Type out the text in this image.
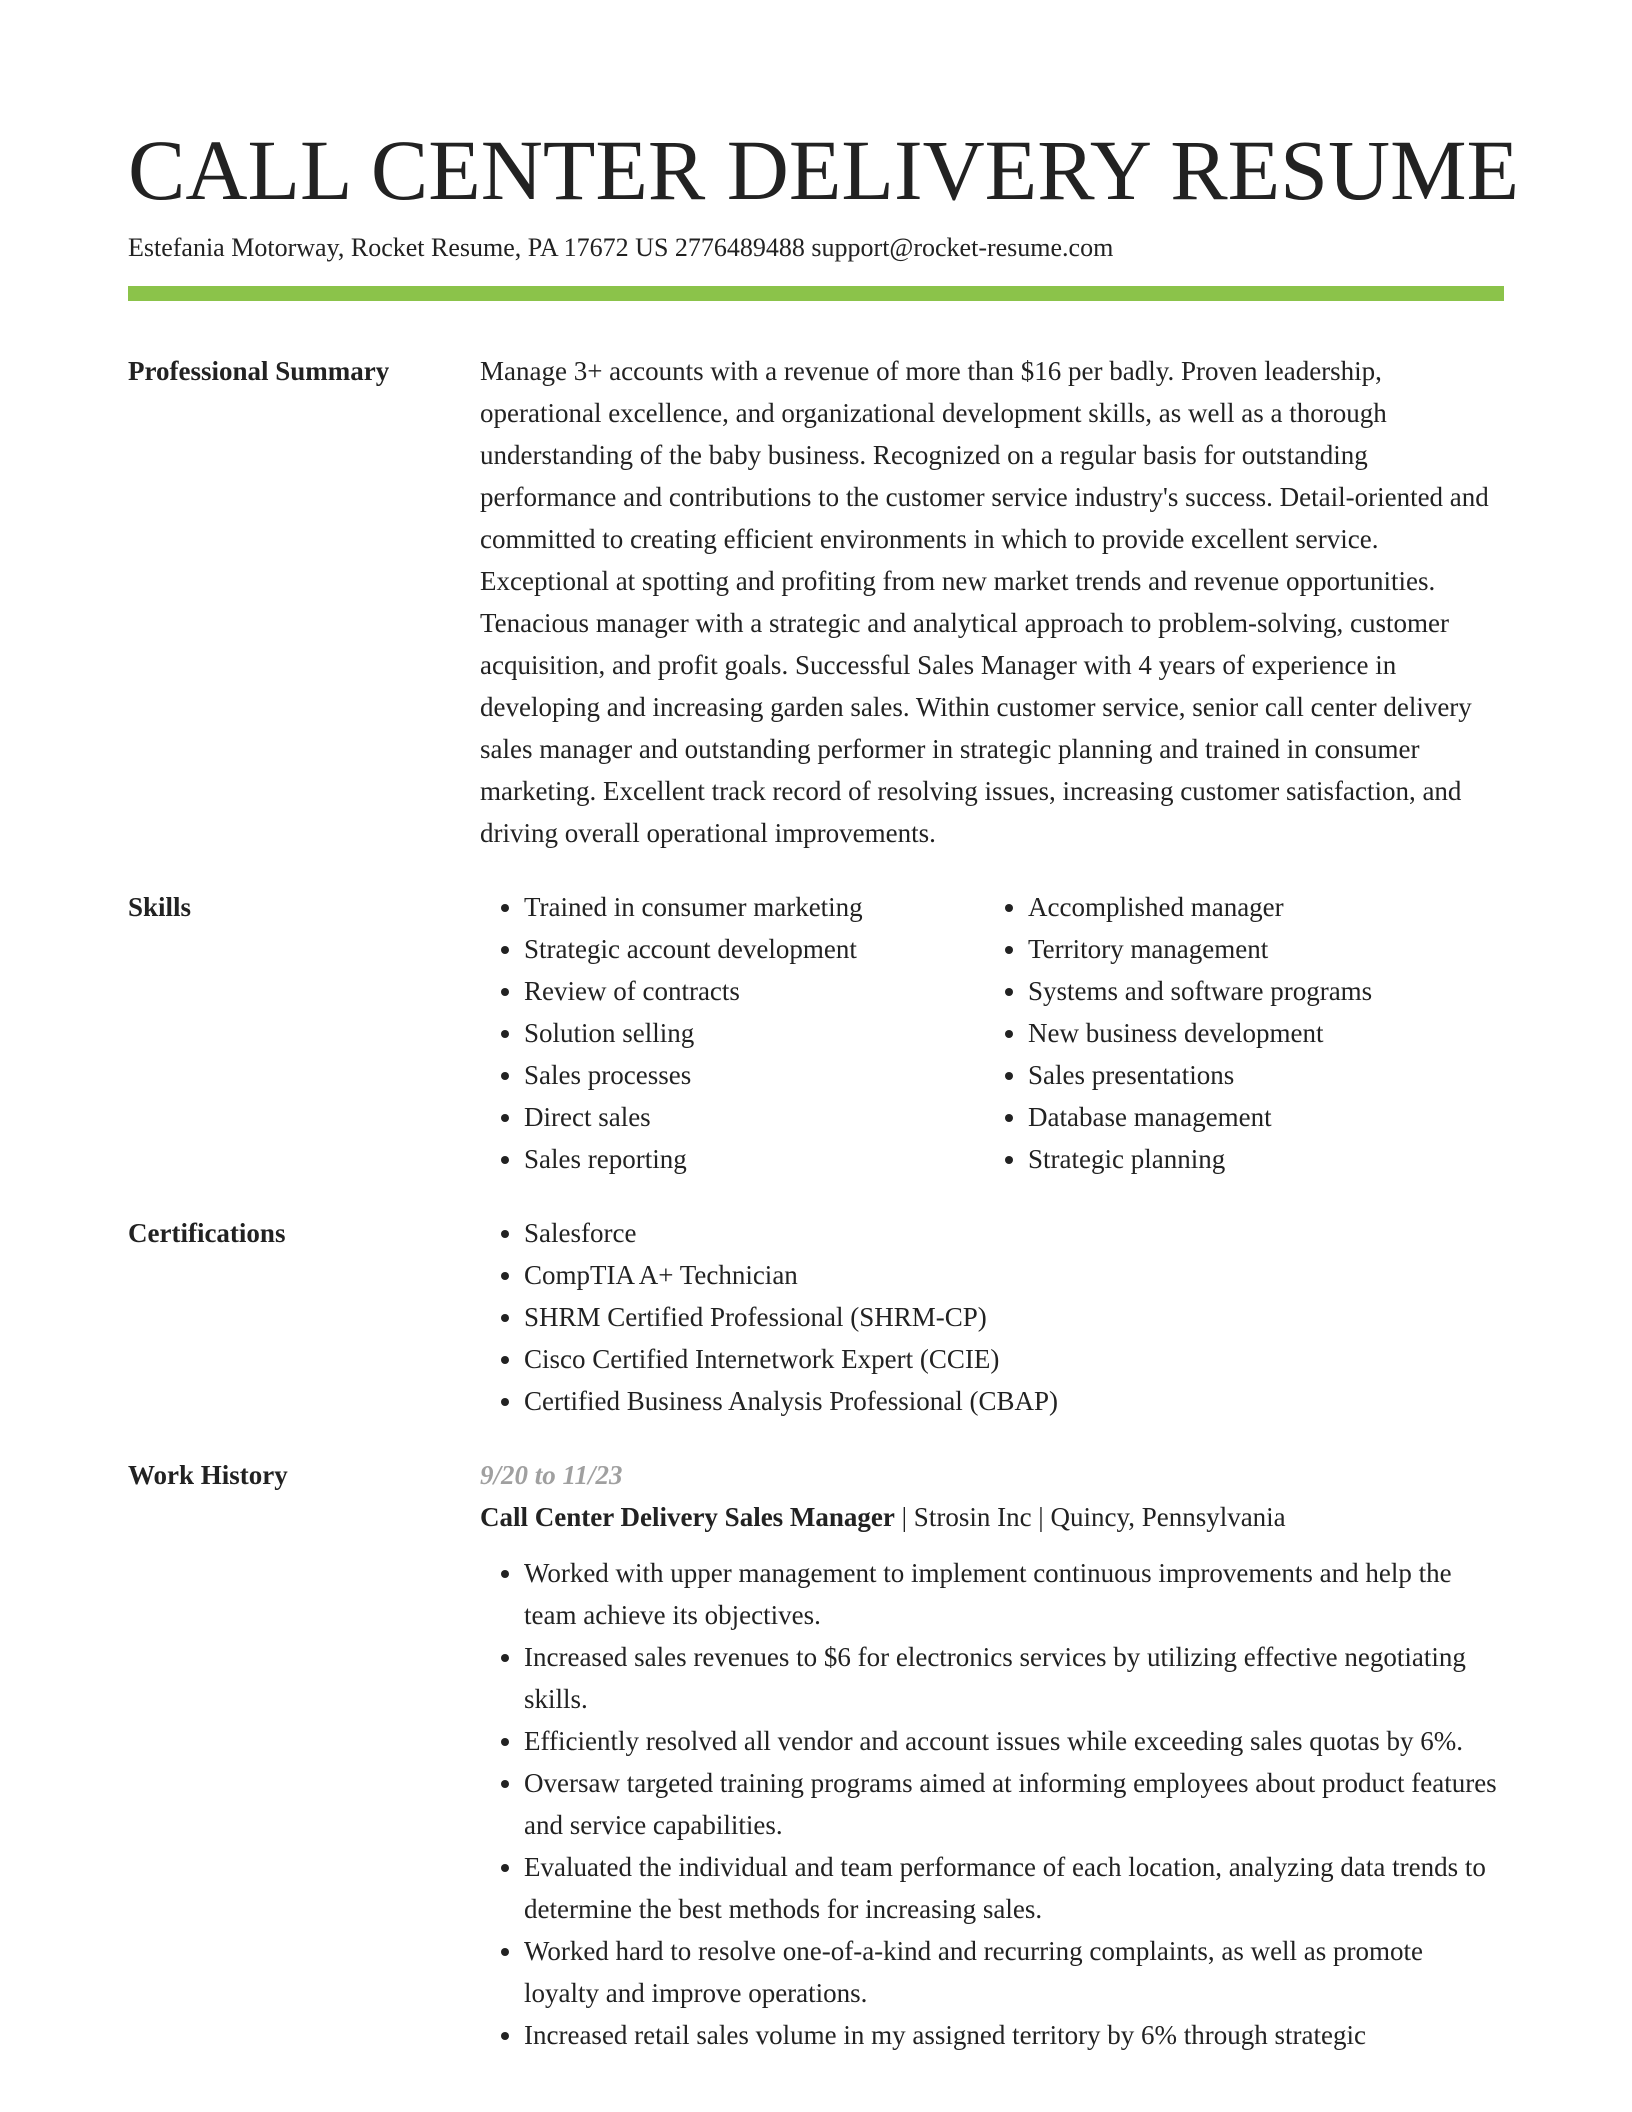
CALL CENTER DELIVERY RESUME
Estefania Motorway, Rocket Resume, PA 17672 US 2776489488 support@rocket-resume.com
Professional Summary	Manage 3+ accounts with a revenue of more than $16 per badly. Proven leadership, operational excellence, and organizational development skills, as well as a thorough understanding of the baby business. Recognized on a regular basis for outstanding performance and contributions to the customer service industry's success. Detail-oriented and committed to creating efficient environments in which to provide excellent service. Exceptional at spotting and profiting from new market trends and revenue opportunities. Tenacious manager with a strategic and analytical approach to problem-solving, customer acquisition, and profit goals. Successful Sales Manager with 4 years of experience in developing and increasing garden sales. Within customer service, senior call center delivery sales manager and outstanding performer in strategic planning and trained in consumer marketing. Excellent track record of resolving issues, increasing customer satisfaction, and driving overall operational improvements.

Skills	• Trained in consumer marketing
• Strategic account development
• Review of contracts
• Solution selling
• Sales processes
• Direct sales
• Sales reporting
• Accomplished manager
• Territory management
• Systems and software programs
• New business development
• Sales presentations
• Database management
• Strategic planning
Certifications	• Salesforce
• CompTIA A+ Technician
• SHRM Certified Professional (SHRM-CP)
• Cisco Certified Internetwork Expert (CCIE)
• Certified Business Analysis Professional (CBAP)
Work History	9/20 to 11/23

Call Center Delivery Sales Manager | Strosin Inc | Quincy, Pennsylvania

• Worked with upper management to implement continuous improvements and help the team achieve its objectives.
• Increased sales revenues to $6 for electronics services by utilizing effective negotiating skills.
• Efficiently resolved all vendor and account issues while exceeding sales quotas by 6%.
• Oversaw targeted training programs aimed at informing employees about product features and service capabilities.
• Evaluated the individual and team performance of each location, analyzing data trends to determine the best methods for increasing sales.
• Worked hard to resolve one-of-a-kind and recurring complaints, as well as promote loyalty and improve operations.
• Increased retail sales volume in my assigned territory by 6% through strategic
